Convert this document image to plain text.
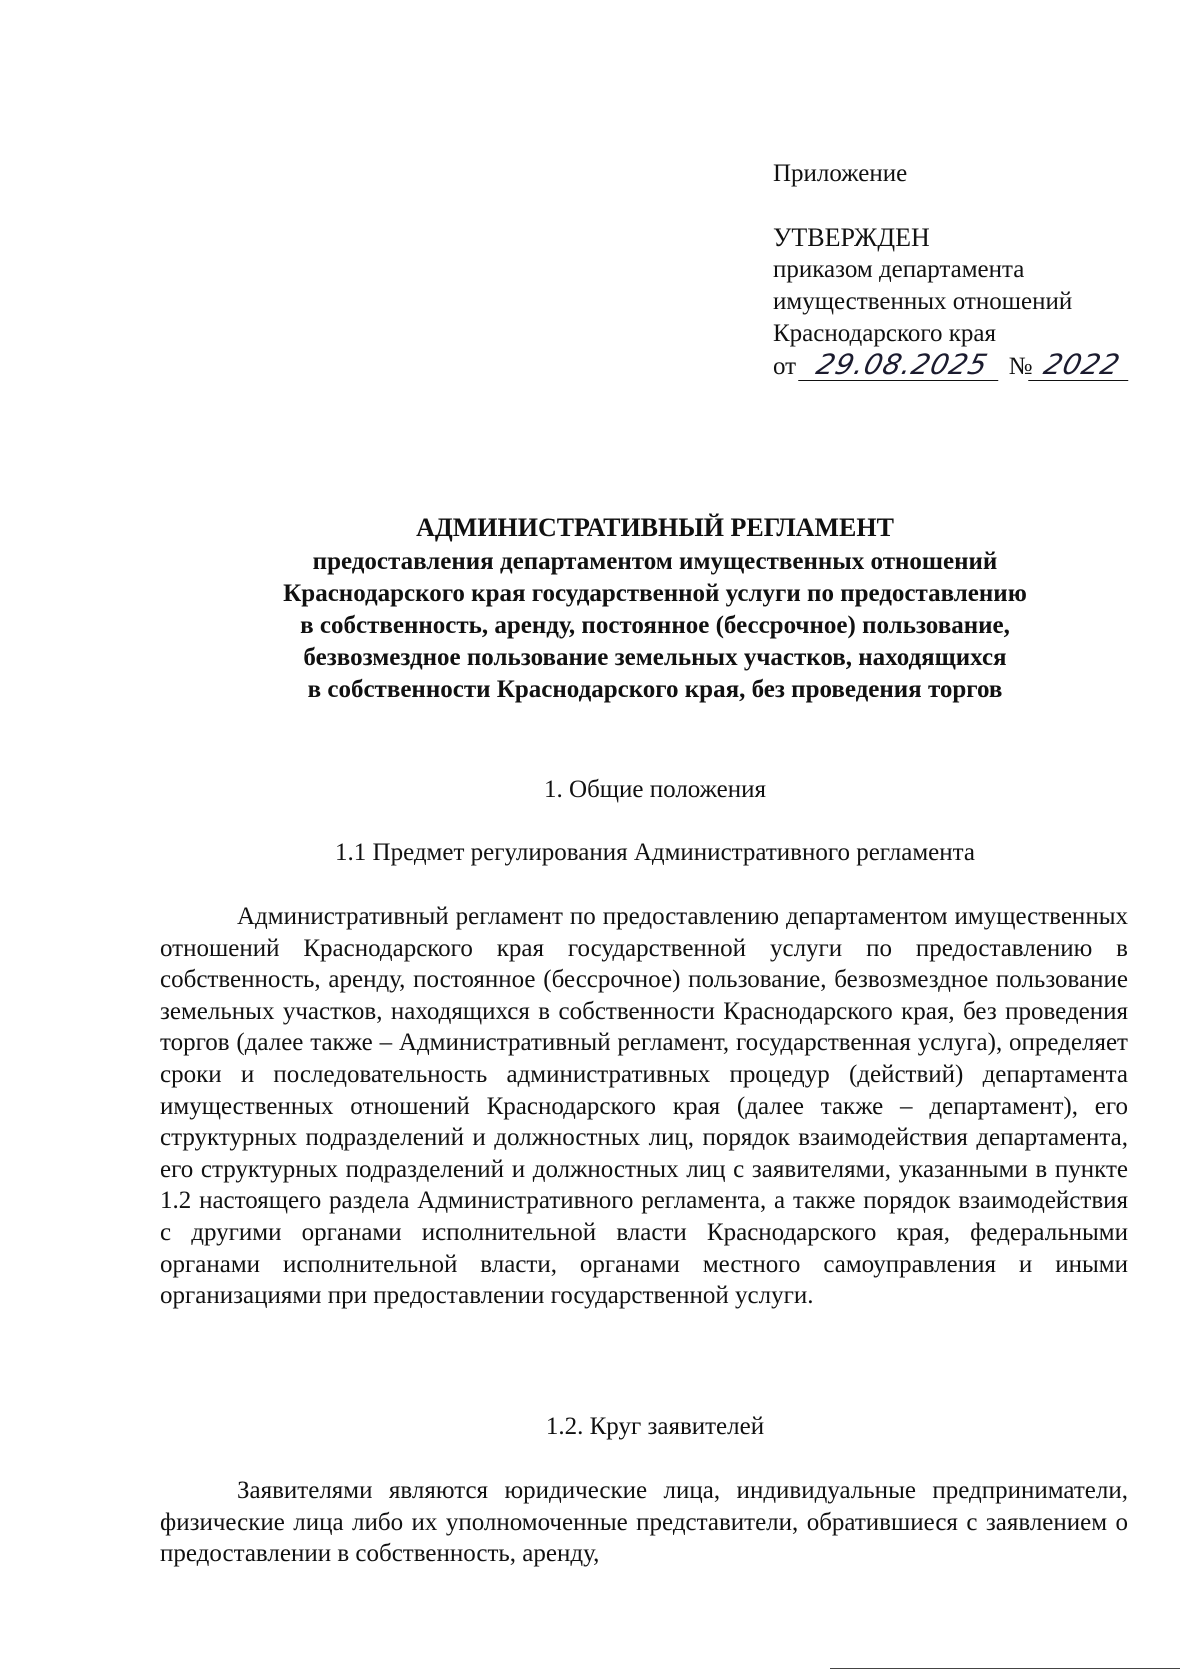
Приложение
УТВЕРЖДЕН
приказом департамента
имущественных отношений
Краснодарского края
от 29.08.2025 № 2022
АДМИНИСТРАТИВНЫЙ РЕГЛАМЕНТ
предоставления департаментом имущественных отношений
Краснодарского края государственной услуги по предоставлению
в собственность, аренду, постоянное (бессрочное) пользование,
безвозмездное пользование земельных участков, находящихся
в собственности Краснодарского края, без проведения торгов
1. Общие положения
1.1 Предмет регулирования Административного регламента
Административный регламент по предоставлению департаментом имущественных отношений Краснодарского края государственной услуги по предоставлению в собственность, аренду, постоянное (бессрочное) пользование, безвозмездное пользование земельных участков, находящихся в собственности Краснодарского края, без проведения торгов (далее также – Административный регламент, государственная услуга), определяет сроки и последовательность административных процедур (действий) департамента имущественных отношений Краснодарского края (далее также – департамент), его структурных подразделений и должностных лиц, порядок взаимодействия департамента, его структурных подразделений и должностных лиц с заявителями, указанными в пункте 1.2 настоящего раздела Административного регламента, а также порядок взаимодействия с другими органами исполнительной власти Краснодарского края, федеральными органами исполнительной власти, органами местного самоуправления и иными организациями при предоставлении государственной услуги.
1.2. Круг заявителей
Заявителями являются юридические лица, индивидуальные предприниматели, физические лица либо их уполномоченные представители, обратившиеся с заявлением о предоставлении в собственность, аренду,
